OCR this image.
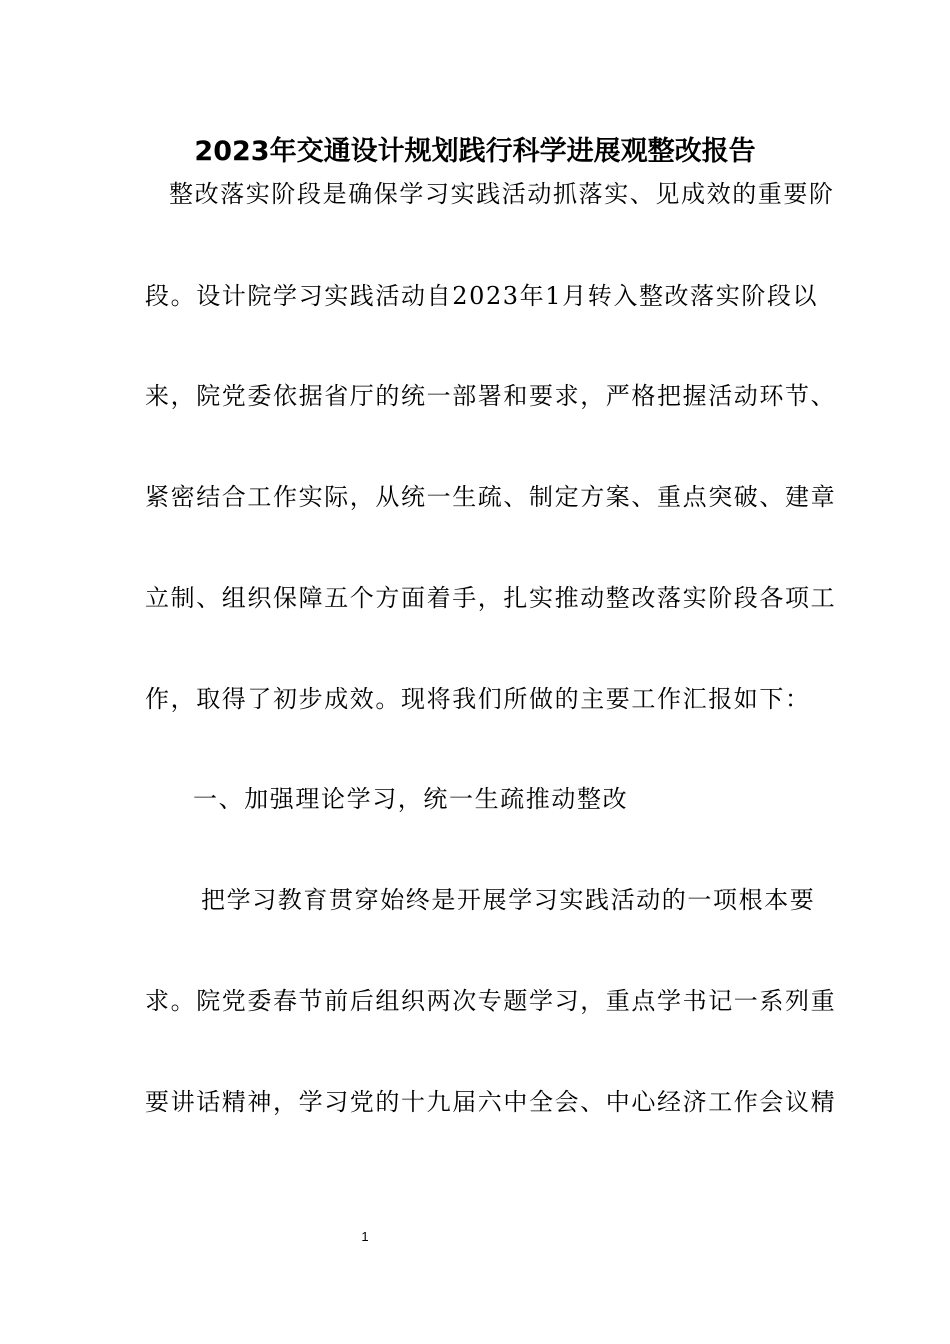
2023年交通设计规划践行科学进展观整改报告
整改落实阶段是确保学习实践活动抓落实、见成效的重要阶
段。设计院学习实践活动自2023年1月转入整改落实阶段以
来，院党委依据省厅的统一部署和要求，严格把握活动环节、
紧密结合工作实际，从统一生疏、制定方案、重点突破、建章
立制、组织保障五个方面着手，扎实推动整改落实阶段各项工
作，取得了初步成效。现将我们所做的主要工作汇报如下：
一、加强理论学习，统一生疏推动整改
把学习教育贯穿始终是开展学习实践活动的一项根本要
求。院党委春节前后组织两次专题学习，重点学书记一系列重
要讲话精神，学习党的十九届六中全会、中心经济工作会议精
1
